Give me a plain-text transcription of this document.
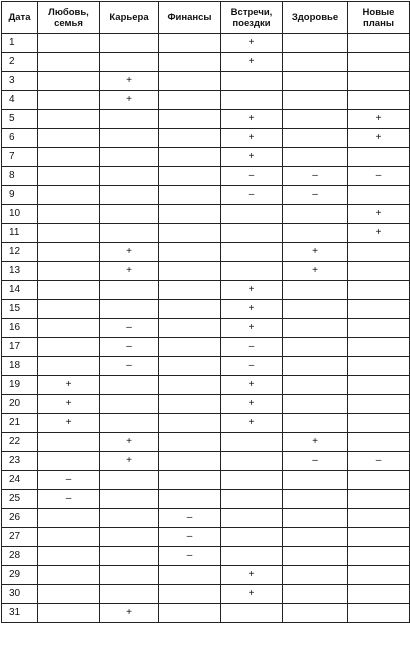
Дата	Любовь, семья	Карьера	Финансы	Встречи, поездки	Здоровье	Новые планы
1				+		
2				+		
3		+				
4		+				
5				+		+
6				+		+
7				+		
8				–	–	–
9				–	–	
10						+
11						+
12		+			+	
13		+			+	
14				+		
15				+		
16		–		+		
17		–		–		
18		–		–		
19	+			+		
20	+			+		
21	+			+		
22		+			+	
23		+			–	–
24	–					
25	–					
26			–			
27			–			
28			–			
29				+		
30				+		
31		+				
